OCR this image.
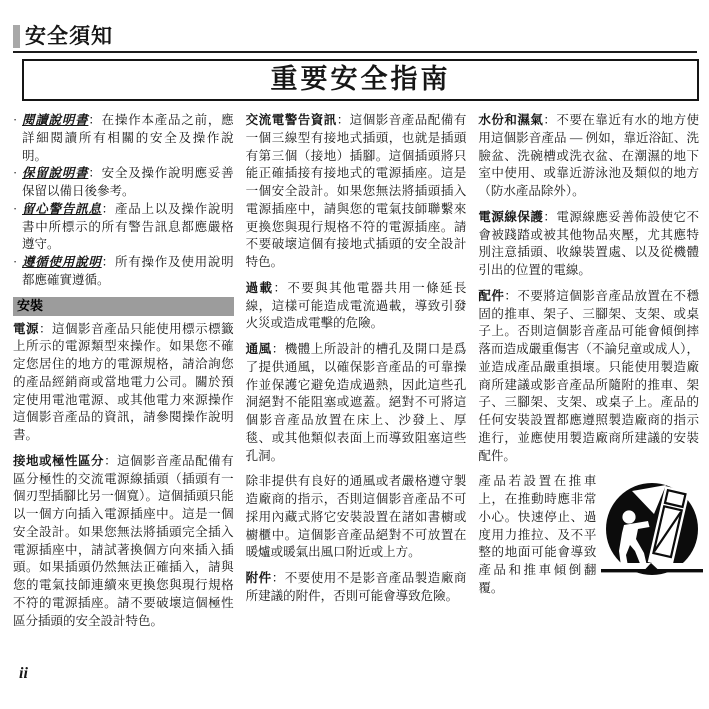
安全須知
重要安全指南
· 閱讀說明書：在操作本產品之前，應詳細閱讀所有相關的安全及操作說明。
· 保留說明書：安全及操作說明應妥善保留以備日後參考。
· 留心警告訊息：產品上以及操作說明書中所標示的所有警告訊息都應嚴格遵守。
· 遵循使用說明：所有操作及使用說明都應確實遵循。
安裝

電源：這個影音產品只能使用標示標籤上所示的電源類型來操作。如果您不確定您居住的地方的電源規格，請洽詢您的產品經銷商或當地電力公司。關於預定使用電池電源、或其他電力來源操作這個影音產品的資訊，請參閱操作說明書。

接地或極性區分：這個影音產品配備有區分極性的交流電源線插頭（插頭有一個刃型插腳比另一個寬）。這個插頭只能以一個方向插入電源插座中。這是一個安全設計。如果您無法將插頭完全插入電源插座中，請試著換個方向來插入插頭。如果插頭仍然無法正確插入，請與您的電氣技師連續來更換您與現行規格不符的電源插座。請不要破壞這個極性區分插頭的安全設計特色。

交流電警告資訊：這個影音產品配備有一個三線型有接地式插頭，也就是插頭有第三個（接地）插腳。這個插頭將只能正確插接有接地式的電源插座。這是一個安全設計。如果您無法將插頭插入電源插座中，請與您的電氣技師聯繫來更換您與現行規格不符的電源插座。請不要破壞這個有接地式插頭的安全設計特色。

過載：不要與其他電器共用一條延長線，這樣可能造成電流過載，導致引發火災或造成電擊的危險。

通風：機體上所設計的槽孔及開口是爲了提供通風，以確保影音產品的可靠操作並保護它避免造成過熱，因此這些孔洞絕對不能阻塞或遮蓋。絕對不可將這個影音產品放置在床上、沙發上、厚毯、或其他類似表面上而導致阻塞這些孔洞。

除非提供有良好的通風或者嚴格遵守製造廠商的指示，否則這個影音產品不可採用內藏式將它安裝設置在諸如書櫥或櫥櫃中。這個影音產品絕對不可放置在暖爐或暖氣出風口附近或上方。

附件：不要使用不是影音產品製造廠商所建議的附件，否則可能會導致危險。

水份和濕氣：不要在靠近有水的地方使用這個影音產品 — 例如，靠近浴缸、洗臉盆、洗碗槽或洗衣盆、在潮濕的地下室中使用、或靠近游泳池及類似的地方（防水產品除外）。

電源線保護：電源線應妥善佈設使它不會被踐踏或被其他物品夾壓，尤其應特別注意插頭、收線裝置處、以及從機體引出的位置的電線。

配件：不要將這個影音產品放置在不穩固的推車、架子、三腳架、支架、或桌子上。否則這個影音產品可能會傾倒摔落而造成嚴重傷害（不論兒童或成人），並造成產品嚴重損壞。只能使用製造廠商所建議或影音產品所隨附的推車、架子、三腳架、支架、或桌子上。產品的任何安裝設置都應遵照製造廠商的指示進行，並應使用製造廠商所建議的安裝配件。

產品若設置在推車上，在推動時應非常小心。快速停止、過度用力推拉、及不平整的地面可能會導致產品和推車傾倒翻覆。

ii
